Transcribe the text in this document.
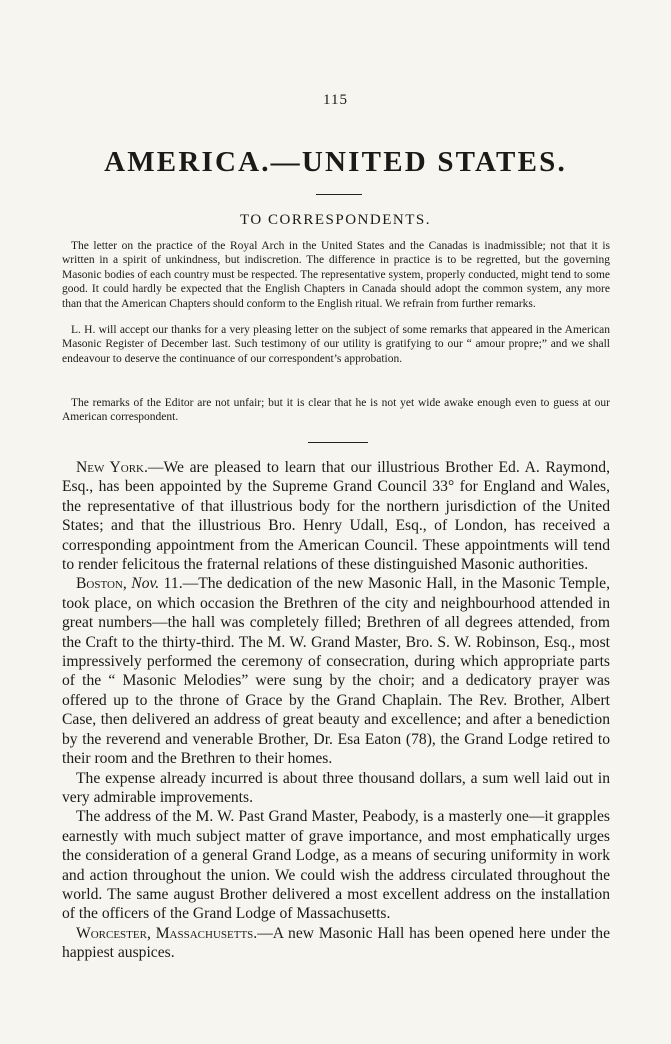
115
AMERICA.—UNITED STATES.
TO CORRESPONDENTS.

The letter on the practice of the Royal Arch in the United States and the Canadas is inadmissible; not that it is written in a spirit of unkindness, but indiscretion. The difference in practice is to be regretted, but the governing Masonic bodies of each country must be respected. The representative system, properly conducted, might tend to some good. It could hardly be expected that the English Chapters in Canada should adopt the common system, any more than that the American Chapters should conform to the English ritual. We refrain from further remarks.

L. H. will accept our thanks for a very pleasing letter on the subject of some remarks that appeared in the American Masonic Register of December last. Such testimony of our utility is gratifying to our “ amour propre;” and we shall endeavour to deserve the continuance of our correspondent’s approbation.

The remarks of the Editor are not unfair; but it is clear that he is not yet wide awake enough even to guess at our American correspondent.

New York.—We are pleased to learn that our illustrious Brother Ed. A. Raymond, Esq., has been appointed by the Supreme Grand Council 33° for England and Wales, the representative of that illustrious body for the northern jurisdiction of the United States; and that the illustrious Bro. Henry Udall, Esq., of London, has received a corresponding appointment from the American Council. These appointments will tend to render felicitous the fraternal relations of these distinguished Masonic authorities.

Boston, Nov. 11.—The dedication of the new Masonic Hall, in the Masonic Temple, took place, on which occasion the Brethren of the city and neighbourhood attended in great numbers—the hall was completely filled; Brethren of all degrees attended, from the Craft to the thirty-third. The M. W. Grand Master, Bro. S. W. Robinson, Esq., most impressively performed the ceremony of consecration, during which appropriate parts of the “ Masonic Melodies” were sung by the choir; and a dedicatory prayer was offered up to the throne of Grace by the Grand Chaplain. The Rev. Brother, Albert Case, then delivered an address of great beauty and excellence; and after a benediction by the reverend and venerable Brother, Dr. Esa Eaton (78), the Grand Lodge retired to their room and the Brethren to their homes.

The expense already incurred is about three thousand dollars, a sum well laid out in very admirable improvements.

The address of the M. W. Past Grand Master, Peabody, is a masterly one—it grapples earnestly with much subject matter of grave importance, and most emphatically urges the consideration of a general Grand Lodge, as a means of securing uniformity in work and action throughout the union. We could wish the address circulated throughout the world. The same august Brother delivered a most excellent address on the installation of the officers of the Grand Lodge of Massachusetts.

Worcester, Massachusetts.—A new Masonic Hall has been opened here under the happiest auspices.
